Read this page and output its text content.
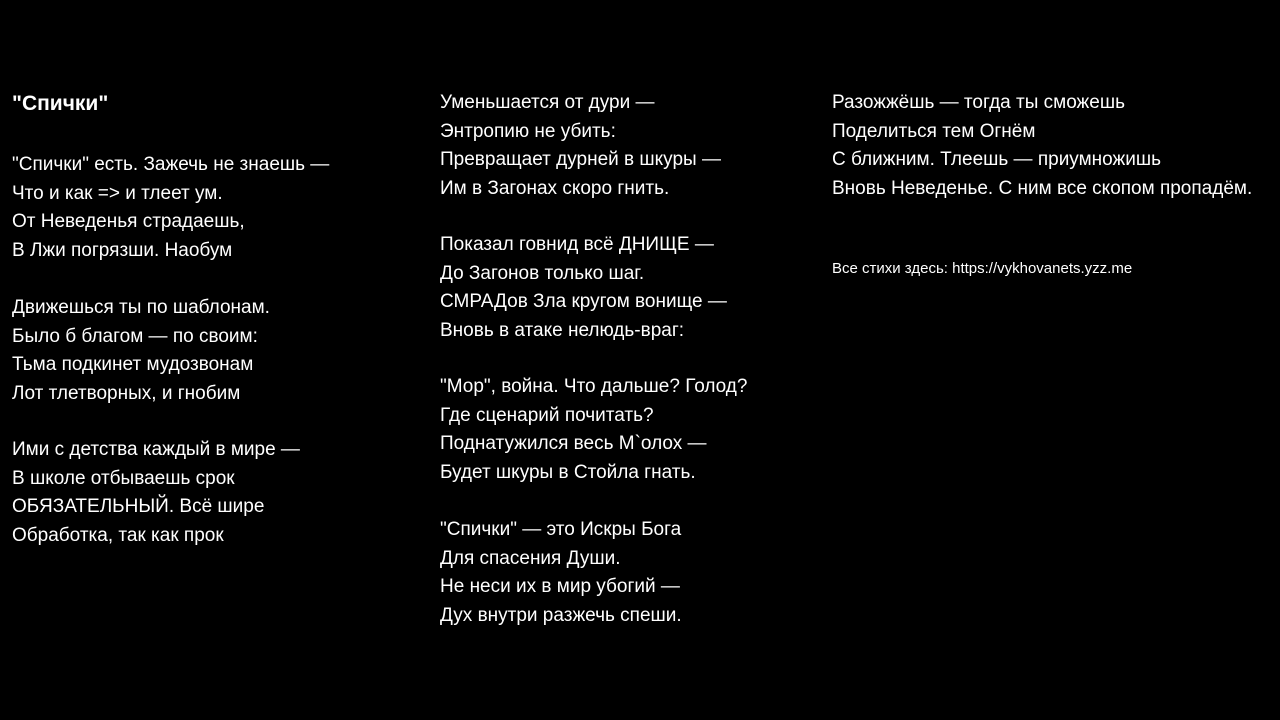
"Спички"

"Спички" есть. Зажечь не знаешь —
Что и как => и тлеет ум.
От Неведенья страдаешь,
В Лжи погрязши. Наобум

Движешься ты по шаблонам.
Было б благом — по своим:
Тьма подкинет мудозвонам
Лот тлетворных, и гнобим

Ими с детства каждый в мире —
В школе отбываешь срок
ОБЯЗАТЕЛЬНЫЙ. Всё шире
Обработка, так как прок

Уменьшается от дури —
Энтропию не убить:
Превращает дурней в шкуры —
Им в Загонах скоро гнить.

Показал говнид всё ДНИЩЕ —
До Загонов только шаг.
СМРАДов Зла кругом вонище —
Вновь в атаке нелюдь-враг:

"Мор", война. Что дальше? Голод?
Где сценарий почитать?
Поднатужился весь М`олох —
Будет шкуры в Стойла гнать.

"Спички" — это Искры Бога
Для спасения Души.
Не неси их в мир убогий —
Дух внутри разжечь спеши.

Разожжёшь — тогда ты сможешь
Поделиться тем Огнём
С ближним. Тлеешь — приумножишь
Вновь Неведенье. С ним все скопом пропадём.

Все стихи здесь: https://vykhovanets.yzz.me
